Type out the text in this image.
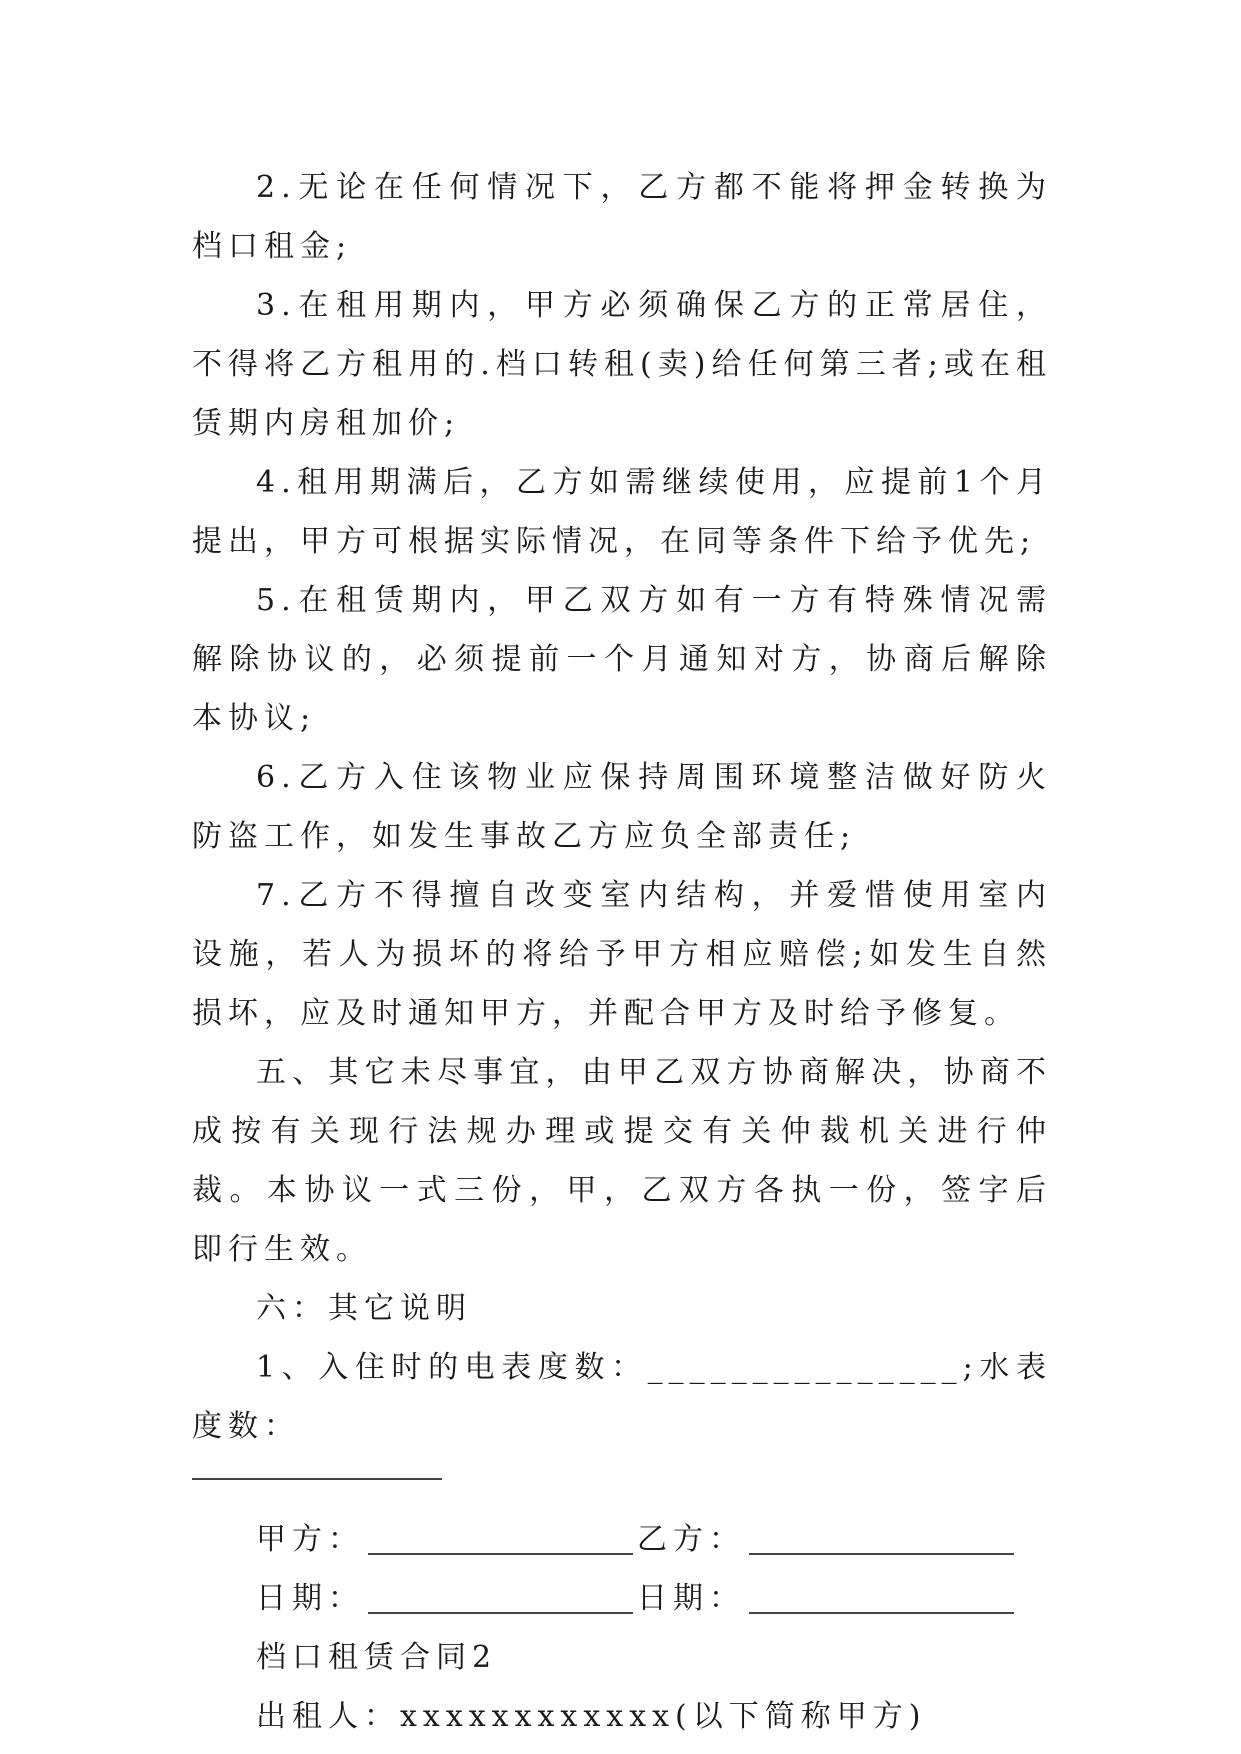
2.无论在任何情况下，乙方都不能将押金转换为档口租金;

3.在租用期内，甲方必须确保乙方的正常居住，不得将乙方租用的.档口转租(卖)给任何第三者;或在租赁期内房租加价;

4.租用期满后，乙方如需继续使用，应提前1个月提出，甲方可根据实际情况，在同等条件下给予优先;

5.在租赁期内，甲乙双方如有一方有特殊情况需解除协议的，必须提前一个月通知对方，协商后解除本协议;

6.乙方入住该物业应保持周围环境整洁做好防火防盗工作，如发生事故乙方应负全部责任;

7.乙方不得擅自改变室内结构，并爱惜使用室内设施，若人为损坏的将给予甲方相应赔偿;如发生自然损坏，应及时通知甲方，并配合甲方及时给予修复。

五、其它未尽事宜，由甲乙双方协商解决，协商不成按有关现行法规办理或提交有关仲裁机关进行仲裁。本协议一式三份，甲，乙双方各执一份，签字后即行生效。

六：其它说明

1、入住时的电表度数：_______________;水表度数：

甲方：	乙方：
日期：	日期：

档口租赁合同2

出租人：xxxxxxxxxxxx(以下简称甲方)
